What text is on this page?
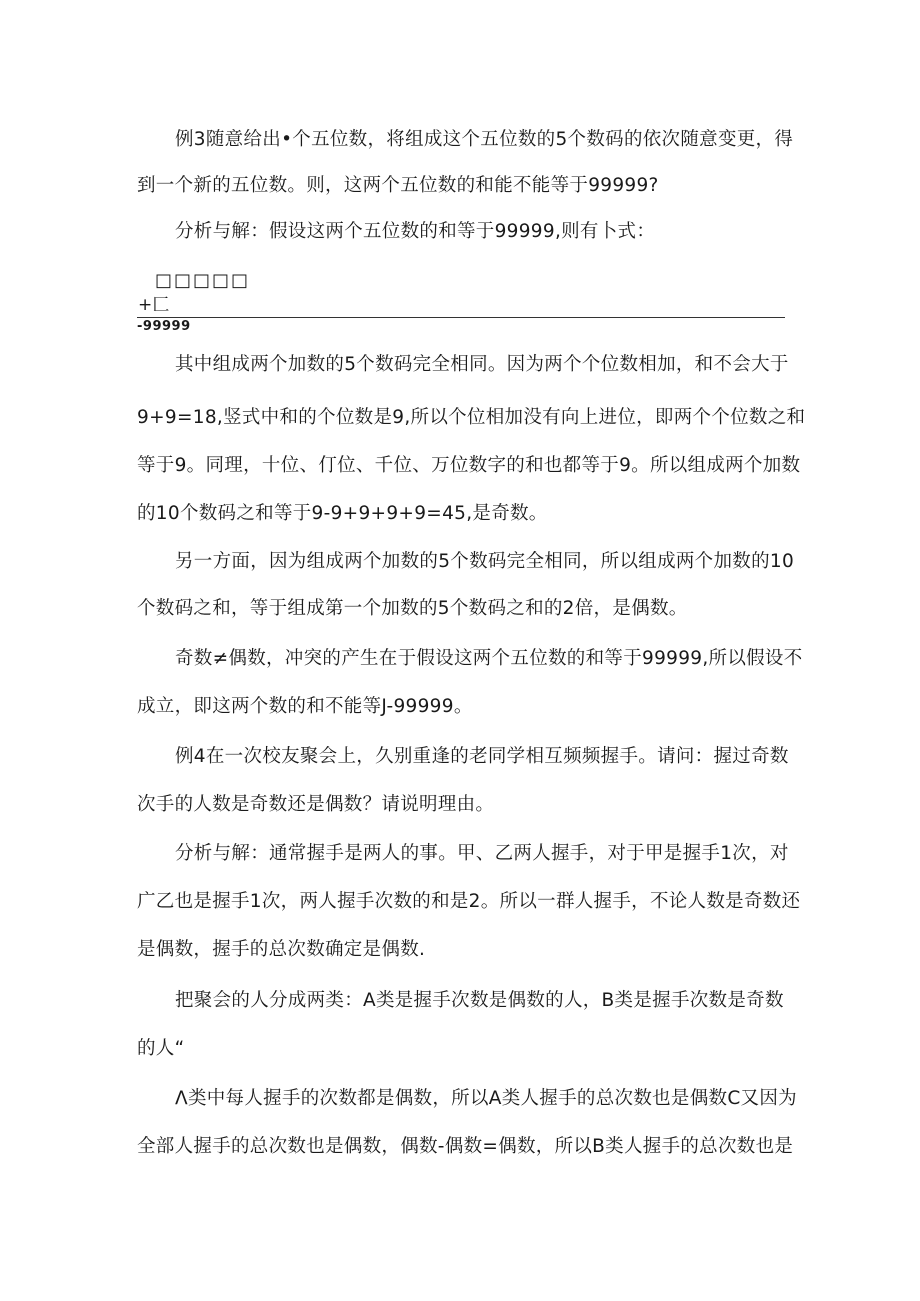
例3随意给出•个五位数，将组成这个五位数的5个数码的依次随意变更，得
到一个新的五位数。则，这两个五位数的和能不能等于99999?
分析与解：假设这两个五位数的和等于99999,则有卜式：
□□□□□
+匚
-99999
其中组成两个加数的5个数码完全相同。因为两个个位数相加，和不会大于
9+9=18,竖式中和的个位数是9,所以个位相加没有向上进位，即两个个位数之和
等于9。同理，十位、仃位、千位、万位数字的和也都等于9。所以组成两个加数
的10个数码之和等于9-9+9+9+9=45,是奇数。
另一方面，因为组成两个加数的5个数码完全相同，所以组成两个加数的10
个数码之和，等于组成第一个加数的5个数码之和的2倍，是偶数。
奇数≠偶数，冲突的产生在于假设这两个五位数的和等于99999,所以假设不
成立，即这两个数的和不能等J-99999。
例4在一次校友聚会上，久别重逢的老同学相互频频握手。请问：握过奇数
次手的人数是奇数还是偶数？请说明理由。
分析与解：通常握手是两人的事。甲、乙两人握手，对于甲是握手1次，对
广乙也是握手1次，两人握手次数的和是2。所以一群人握手，不论人数是奇数还
是偶数，握手的总次数确定是偶数.
把聚会的人分成两类：A类是握手次数是偶数的人，B类是握手次数是奇数
的人“
Λ类中每人握手的次数都是偶数，所以A类人握手的总次数也是偶数C又因为
全部人握手的总次数也是偶数，偶数-偶数=偶数，所以B类人握手的总次数也是
